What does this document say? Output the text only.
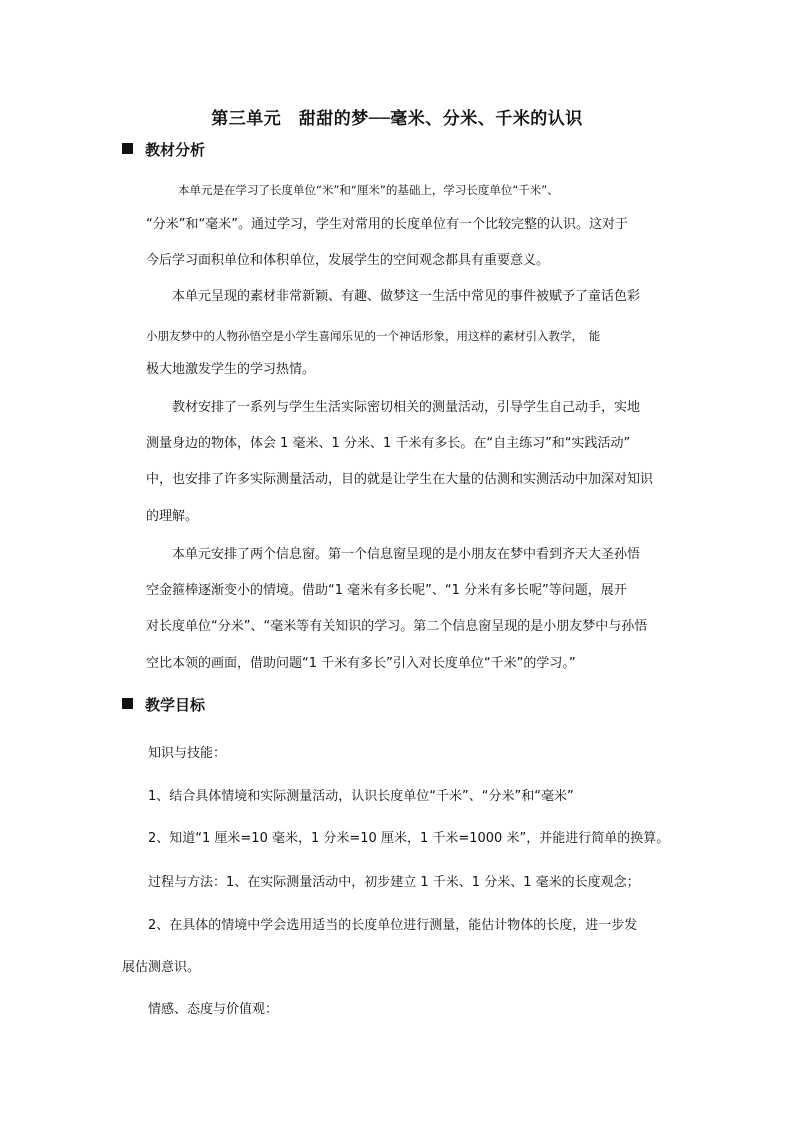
第三单元　甜甜的梦──毫米、分米、千米的认识
教材分析
本单元是在学习了长度单位“米”和“厘米”的基础上，学习长度单位“千米”、
“分米”和“毫米”。通过学习，学生对常用的长度单位有一个比较完整的认识。这对于
今后学习面积单位和体积单位，发展学生的空间观念都具有重要意义。
本单元呈现的素材非常新颖、有趣、做梦这一生活中常见的事件被赋予了童话色彩
小朋友梦中的人物孙悟空是小学生喜闻乐见的一个神话形象，用这样的素材引入教学，　能
极大地激发学生的学习热情。
教材安排了一系列与学生生活实际密切相关的测量活动，引导学生自己动手，实地
测量身边的物体，体会 1 毫米、1 分米、1 千米有多长。在“自主练习”和“实践活动”
中，也安排了许多实际测量活动，目的就是让学生在大量的估测和实测活动中加深对知识
的理解。
本单元安排了两个信息窗。第一个信息窗呈现的是小朋友在梦中看到齐天大圣孙悟
空金箍棒逐渐变小的情境。借助“1 毫米有多长呢”、“1 分米有多长呢”等问题，展开
对长度单位“分米”、“毫米等有关知识的学习。第二个信息窗呈现的是小朋友梦中与孙悟
空比本领的画面，借助问题“1 千米有多长”引入对长度单位“千米”的学习。”
教学目标
知识与技能：
1、结合具体情境和实际测量活动，认识长度单位“千米”、“分米”和“毫米”
2、知道“1 厘米=10 毫米，1 分米=10 厘米，1 千米=1000 米”，并能进行简单的换算。
过程与方法：1、在实际测量活动中，初步建立 1 千米、1 分米、1 毫米的长度观念；
2、在具体的情境中学会选用适当的长度单位进行测量，能估计物体的长度，进一步发
展估测意识。
情感、态度与价值观：
